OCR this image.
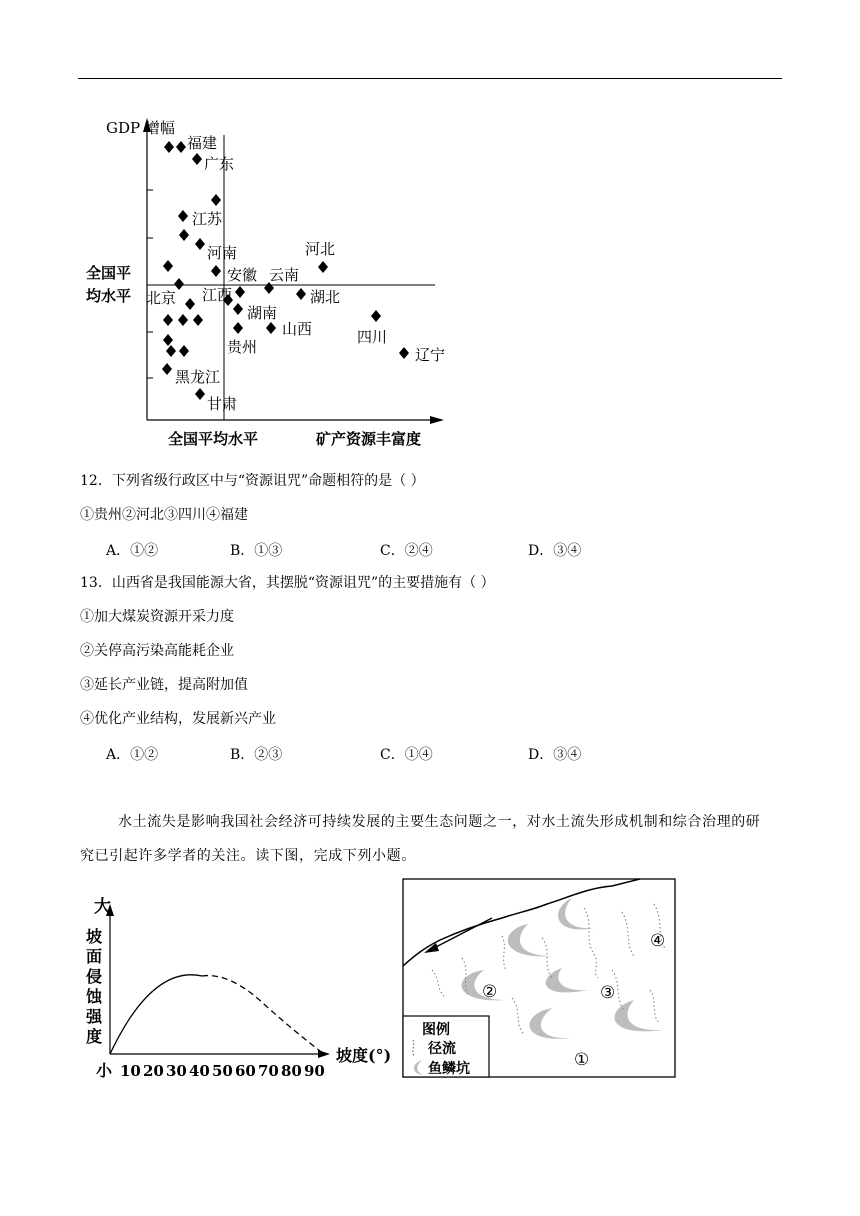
GDP 增幅
全国平
均水平
全国平均水平	矿产资源丰富度
福建
广东
江苏
河南	河北
安徽 云南
北京 江西	湖北
湖南
山西	四川
贵州	辽宁
黑龙江
甘肃
12．下列省级行政区中与“资源诅咒”命题相符的是（ ）
①贵州②河北③四川④福建
A．①②	B．①③	C．②④	D．③④
13．山西省是我国能源大省，其摆脱“资源诅咒”的主要措施有（ ）
①加大煤炭资源开采力度
②关停高污染高能耗企业
③延长产业链，提高附加值
④优化产业结构，发展新兴产业
A．①②	B．②③	C．①④	D．③④
水土流失是影响我国社会经济可持续发展的主要生态问题之一，对水土流失形成机制和综合治理的研
究已引起许多学者的关注。读下图，完成下列小题。
大
坡
面
侵
蚀
强
度
小 10 20 30 40 50 60 70 80 90
坡度(°)
④
②	③
①
图例
径流
鱼鳞坑
